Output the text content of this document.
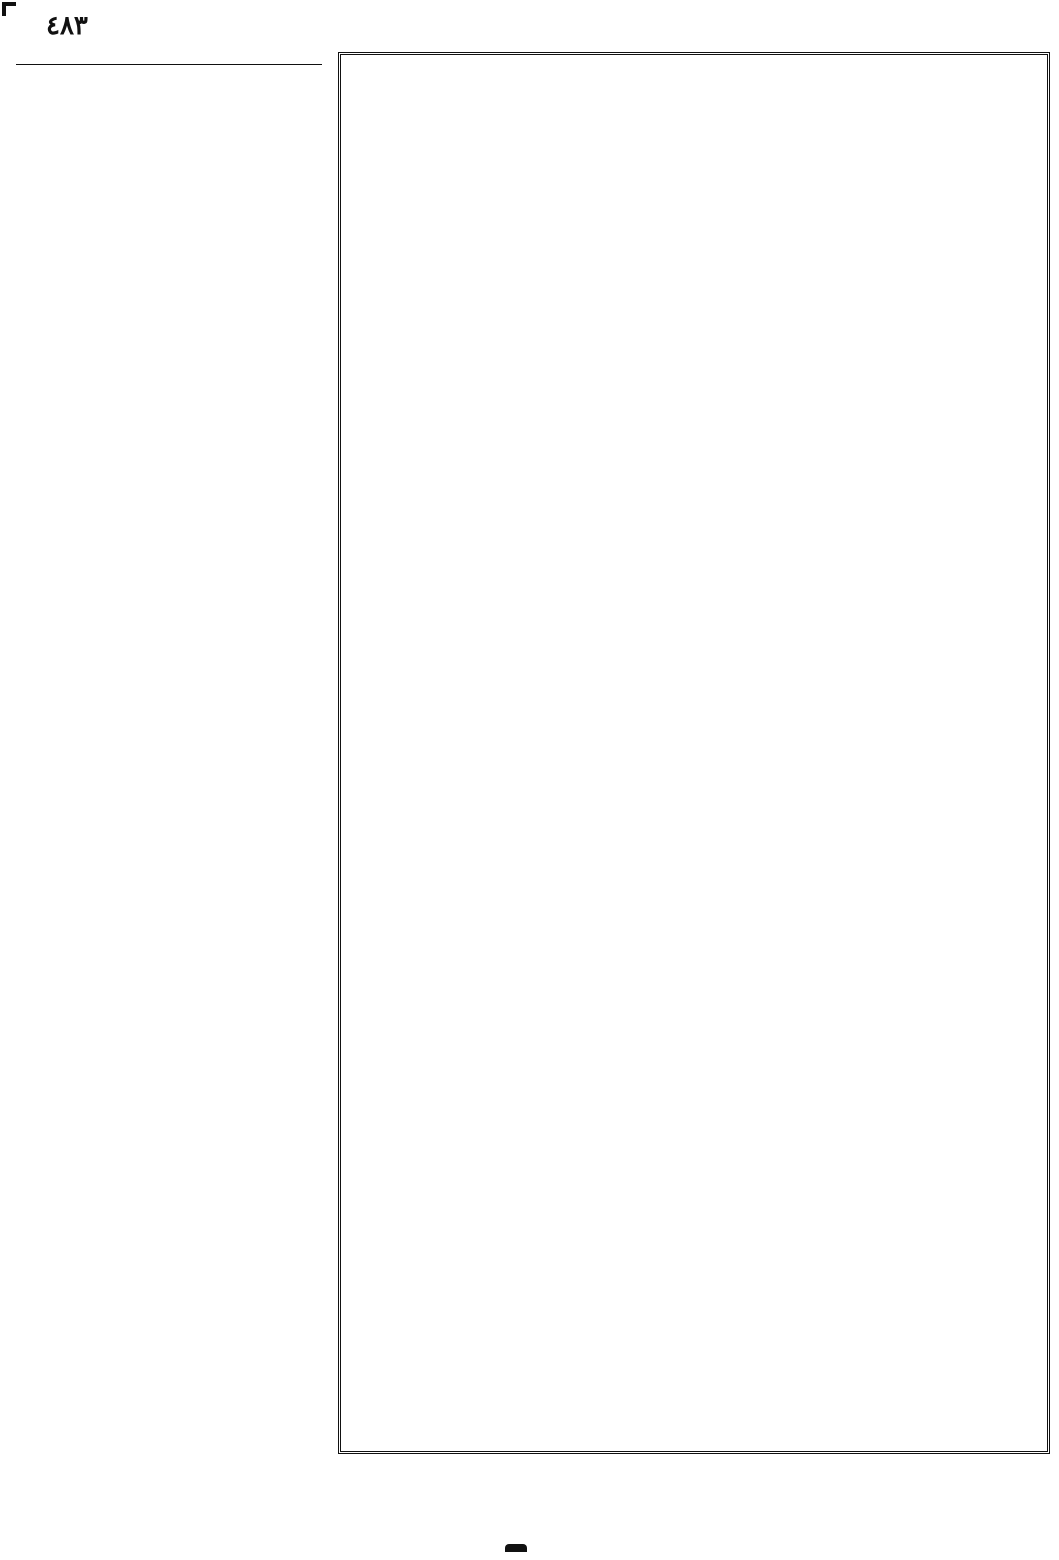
٤٨٣
